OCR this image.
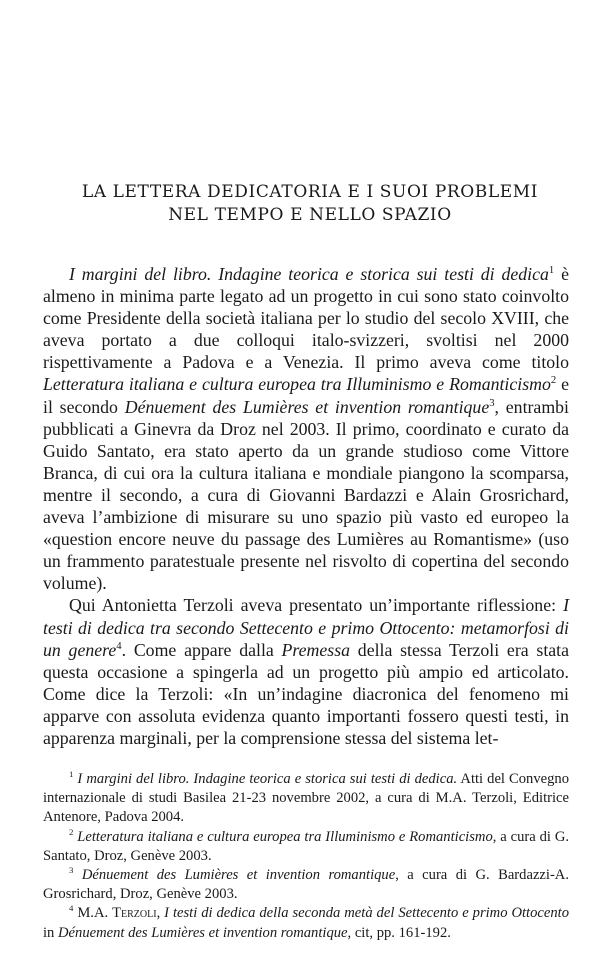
LA LETTERA DEDICATORIA E I SUOI PROBLEMI
NEL TEMPO E NELLO SPAZIO

I margini del libro. Indagine teorica e storica sui testi di dedica$^1$ è almeno in minima parte legato ad un progetto in cui sono stato coinvolto come Presidente della società italiana per lo studio del secolo XVIII, che aveva portato a due colloqui italo-svizzeri, svoltisi nel 2000 rispettivamente a Padova e a Venezia. Il primo aveva come titolo Letteratura italiana e cultura europea tra Illuminismo e Romanticismo$^2$ e il secondo Dénuement des Lumières et invention romantique$^3$, entrambi pubblicati a Ginevra da Droz nel 2003. Il primo, coordinato e curato da Guido Santato, era stato aperto da un grande studioso come Vittore Branca, di cui ora la cultura italiana e mondiale piangono la scomparsa, mentre il secondo, a cura di Giovanni Bardazzi e Alain Grosrichard, aveva l’ambizione di misurare su uno spazio più vasto ed europeo la «question encore neuve du passage des Lumières au Romantisme» (uso un frammento paratestuale presente nel risvolto di copertina del secondo volume).

Qui Antonietta Terzoli aveva presentato un’importante riflessione: I testi di dedica tra secondo Settecento e primo Ottocento: metamorfosi di un genere$^4$. Come appare dalla Premessa della stessa Terzoli era stata questa occasione a spingerla ad un progetto più ampio ed articolato. Come dice la Terzoli: «In un’indagine diacronica del fenomeno mi apparve con assoluta evidenza quanto importanti fossero questi testi, in apparenza marginali, per la comprensione stessa del sistema let-

$^1$ I margini del libro. Indagine teorica e storica sui testi di dedica. Atti del Convegno internazionale di studi Basilea 21-23 novembre 2002, a cura di M.A. Terzoli, Editrice Antenore, Padova 2004.

$^2$ Letteratura italiana e cultura europea tra Illuminismo e Romanticismo, a cura di G. Santato, Droz, Genève 2003.

$^3$ Dénuement des Lumières et invention romantique, a cura di G. Bardazzi-A. Grosrichard, Droz, Genève 2003.

$^4$ M.A. Terzoli, I testi di dedica della seconda metà del Settecento e primo Ottocento in Dénuement des Lumières et invention romantique, cit, pp. 161-192.
